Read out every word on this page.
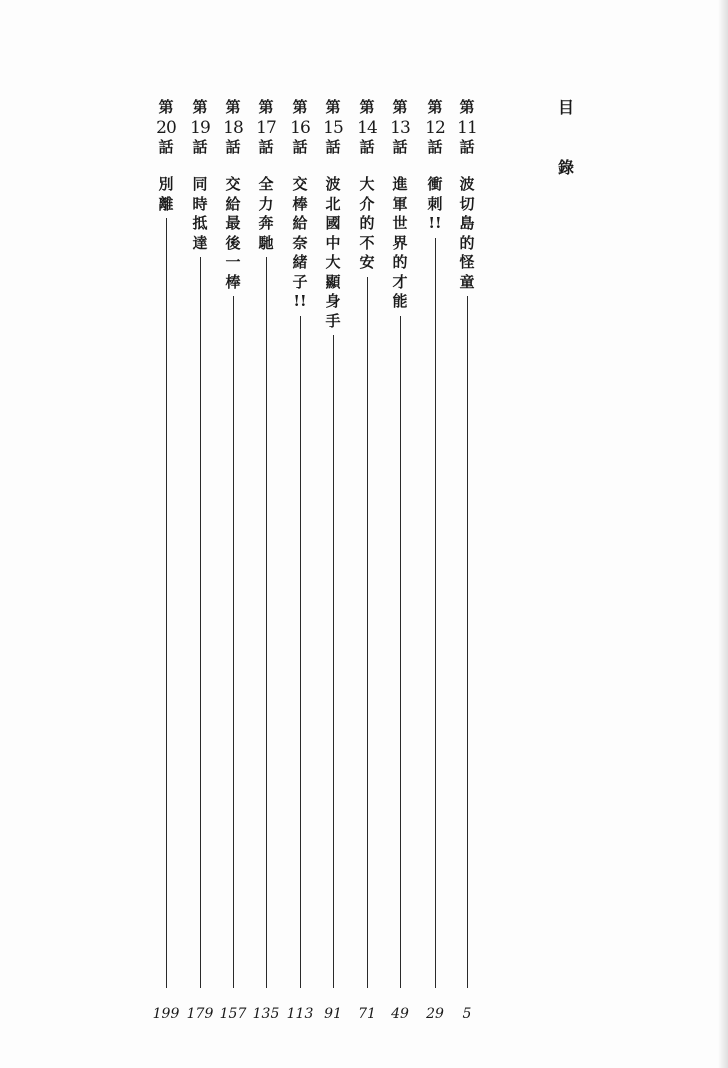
目
錄
第
11
話
波
切
島
的
怪
童
5
第
12
話
衝
刺
!!
29
第
13
話
進
軍
世
界
的
才
能
49
第
14
話
大
介
的
不
安
71
第
15
話
波
北
國
中
大
顯
身
手
91
第
16
話
交
棒
給
奈
緒
子
!!
113
第
17
話
全
力
奔
馳
135
第
18
話
交
給
最
後
一
棒
157
第
19
話
同
時
抵
達
179
第
20
話
別
離
199
